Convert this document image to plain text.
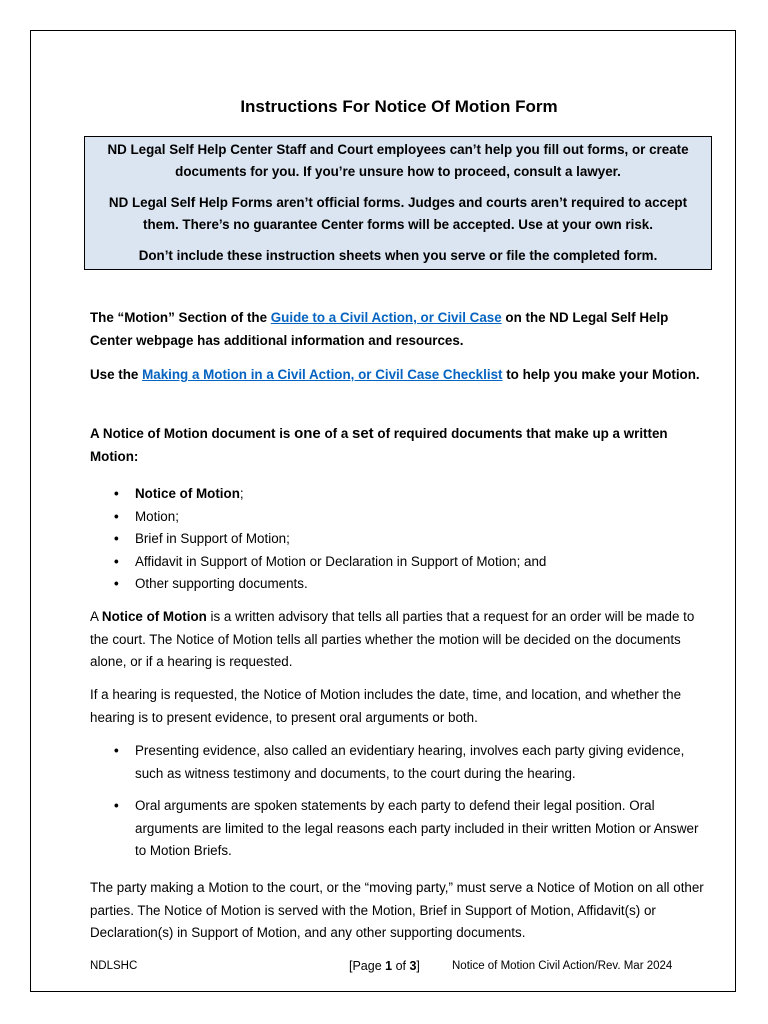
Instructions For Notice Of Motion Form

ND Legal Self Help Center Staff and Court employees can’t help you fill out forms, or create documents for you. If you’re unsure how to proceed, consult a lawyer.

ND Legal Self Help Forms aren’t official forms. Judges and courts aren’t required to accept them. There’s no guarantee Center forms will be accepted. Use at your own risk.

Don’t include these instruction sheets when you serve or file the completed form.

The “Motion” Section of the Guide to a Civil Action, or Civil Case on the ND Legal Self Help Center webpage has additional information and resources.

Use the Making a Motion in a Civil Action, or Civil Case Checklist to help you make your Motion.

A Notice of Motion document is one of a set of required documents that make up a written Motion:

• Notice of Motion;
• Motion;
• Brief in Support of Motion;
• Affidavit in Support of Motion or Declaration in Support of Motion; and
• Other supporting documents.

A Notice of Motion is a written advisory that tells all parties that a request for an order will be made to the court. The Notice of Motion tells all parties whether the motion will be decided on the documents alone, or if a hearing is requested.

If a hearing is requested, the Notice of Motion includes the date, time, and location, and whether the hearing is to present evidence, to present oral arguments or both.

• Presenting evidence, also called an evidentiary hearing, involves each party giving evidence, such as witness testimony and documents, to the court during the hearing.
• Oral arguments are spoken statements by each party to defend their legal position. Oral arguments are limited to the legal reasons each party included in their written Motion or Answer to Motion Briefs.

The party making a Motion to the court, or the “moving party,” must serve a Notice of Motion on all other parties. The Notice of Motion is served with the Motion, Brief in Support of Motion, Affidavit(s) or Declaration(s) in Support of Motion, and any other supporting documents.

NDLSHC	[Page 1 of 3]	Notice of Motion Civil Action/Rev. Mar 2024
